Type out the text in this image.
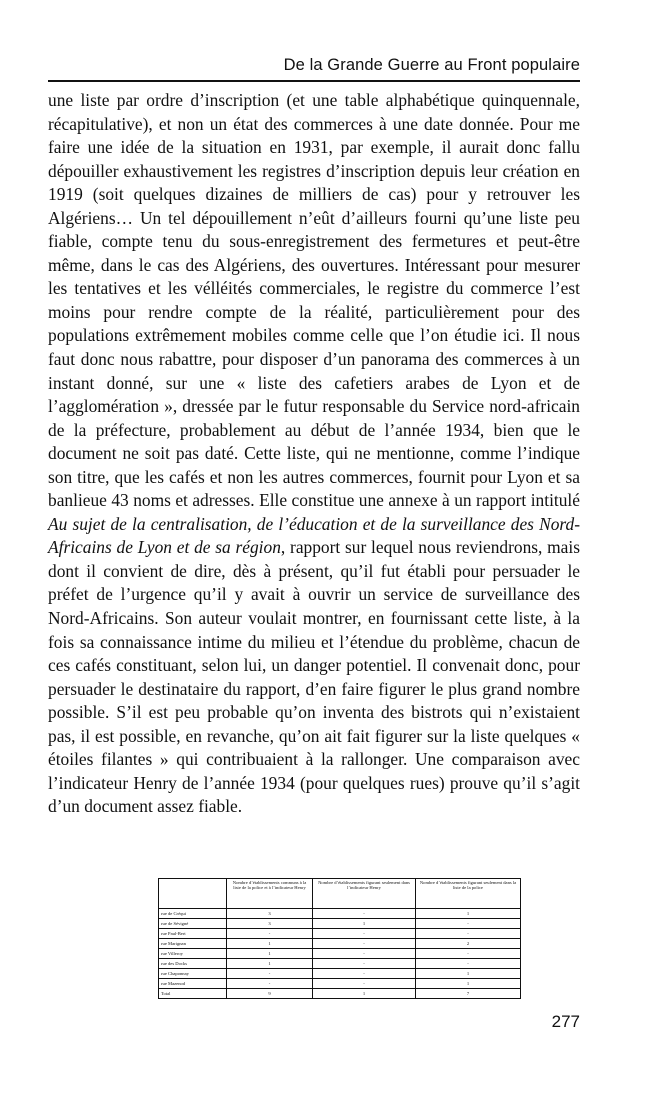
De la Grande Guerre au Front populaire

une liste par ordre d’inscription (et une table alphabétique quinquennale, récapitulative), et non un état des commerces à une date donnée. Pour me faire une idée de la situation en 1931, par exemple, il aurait donc fallu dépouiller exhaustivement les registres d’inscription depuis leur création en 1919 (soit quelques dizaines de milliers de cas) pour y retrouver les Algériens… Un tel dépouillement n’eût d’ailleurs fourni qu’une liste peu fiable, compte tenu du sous-enregistrement des fermetures et peut-être même, dans le cas des Algériens, des ouvertures. Intéressant pour mesurer les tentatives et les vélléités commerciales, le registre du commerce l’est moins pour rendre compte de la réalité, particulièrement pour des populations extrêmement mobiles comme celle que l’on étudie ici. Il nous faut donc nous rabattre, pour disposer d’un panorama des commerces à un instant donné, sur une « liste des cafetiers arabes de Lyon et de l’agglomération », dressée par le futur responsable du Service nord-africain de la préfecture, probablement au début de l’année 1934, bien que le document ne soit pas daté. Cette liste, qui ne mentionne, comme l’indique son titre, que les cafés et non les autres commerces, fournit pour Lyon et sa banlieue 43 noms et adresses. Elle constitue une annexe à un rapport intitulé Au sujet de la centralisation, de l’éducation et de la surveillance des Nord-Africains de Lyon et de sa région, rapport sur lequel nous reviendrons, mais dont il convient de dire, dès à présent, qu’il fut établi pour persuader le préfet de l’urgence qu’il y avait à ouvrir un service de surveillance des Nord-Africains. Son auteur voulait montrer, en fournissant cette liste, à la fois sa connaissance intime du milieu et l’étendue du problème, chacun de ces cafés constituant, selon lui, un danger potentiel. Il convenait donc, pour persuader le destinataire du rapport, d’en faire figurer le plus grand nombre possible. S’il est peu probable qu’on inventa des bistrots qui n’existaient pas, il est possible, en revanche, qu’on ait fait figurer sur la liste quelques « étoiles filantes » qui contribuaient à la rallonger. Une comparaison avec l’indicateur Henry de l’année 1934 (pour quelques rues) prouve qu’il s’agit d’un document assez fiable.

	Nombre d’établissements communs à la liste de la police et à l’indicateur Henry	Nombre d’établissements figurant seulement dans l’indicateur Henry	Nombre d’établissements figurant seulement dans la liste de la police
rue de Créqui	3	-	1
rue de Sévigné	3	1	-
rue Paul-Bert	-	-	-
rue Marignan	1	-	2
rue Villeroy	1	-	-
rue des Docks	1	-	-
rue Chaponnay	-	-	1
rue Mazenod	-	-	1
Total	9	1	7
277
